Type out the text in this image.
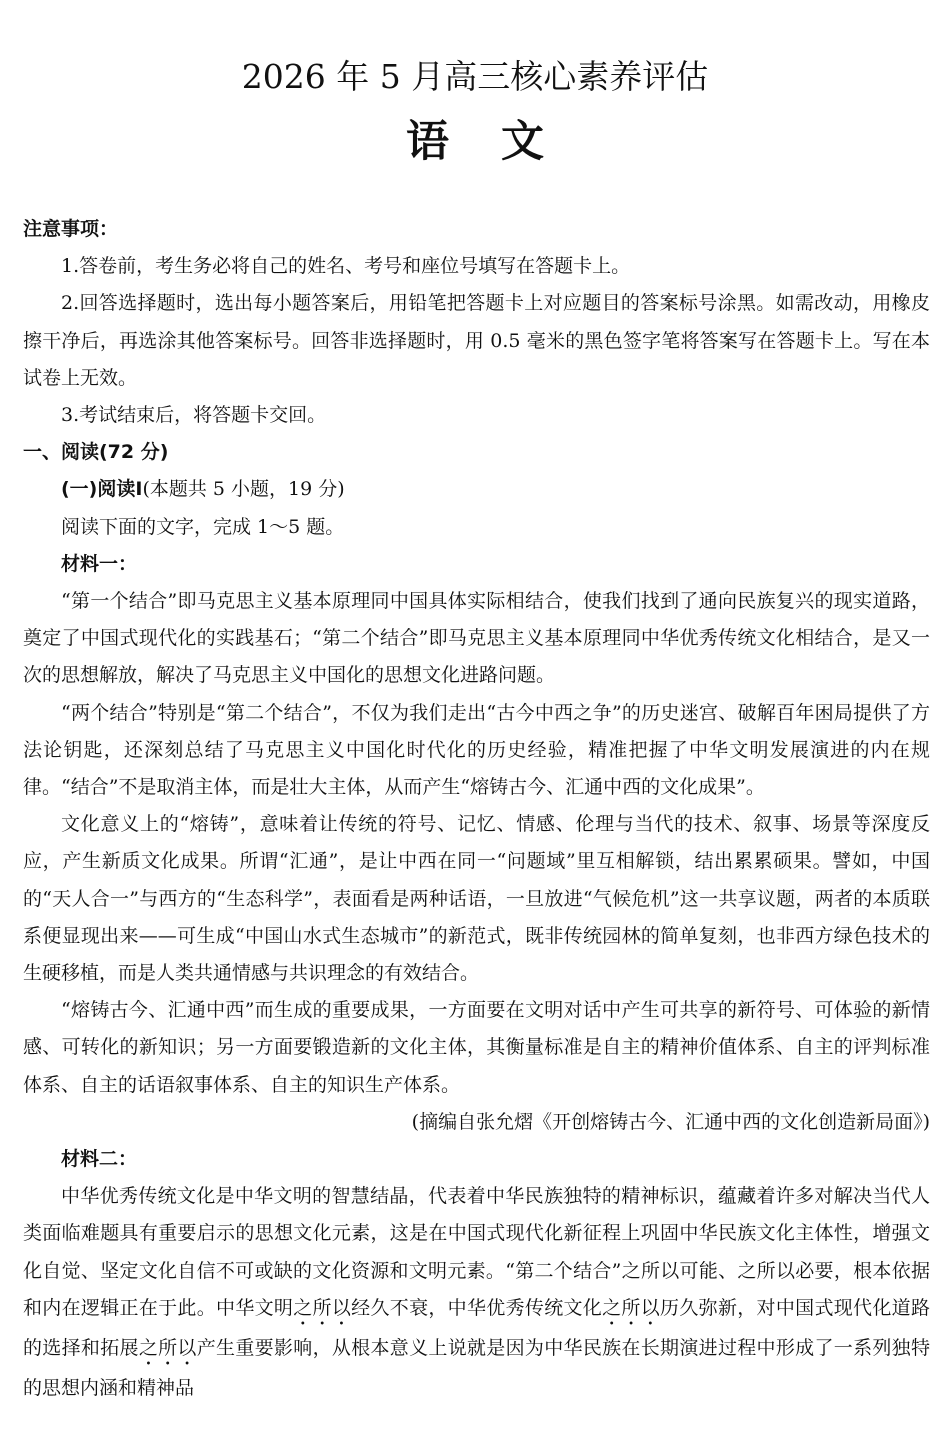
2026 年 5 月高三核心素养评估
语文

注意事项：

1.答卷前，考生务必将自己的姓名、考号和座位号填写在答题卡上。

2.回答选择题时，选出每小题答案后，用铅笔把答题卡上对应题目的答案标号涂黑。如需改动，用橡皮擦干净后，再选涂其他答案标号。回答非选择题时，用 0.5 毫米的黑色签字笔将答案写在答题卡上。写在本试卷上无效。

3.考试结束后，将答题卡交回。

一、阅读(72 分)

(一)阅读Ⅰ(本题共 5 小题，19 分)

阅读下面的文字，完成 1～5 题。

材料一：

“第一个结合”即马克思主义基本原理同中国具体实际相结合，使我们找到了通向民族复兴的现实道路，奠定了中国式现代化的实践基石；“第二个结合”即马克思主义基本原理同中华优秀传统文化相结合，是又一次的思想解放，解决了马克思主义中国化的思想文化进路问题。

“两个结合”特别是“第二个结合”，不仅为我们走出“古今中西之争”的历史迷宫、破解百年困局提供了方法论钥匙，还深刻总结了马克思主义中国化时代化的历史经验，精准把握了中华文明发展演进的内在规律。“结合”不是取消主体，而是壮大主体，从而产生“熔铸古今、汇通中西的文化成果”。

文化意义上的“熔铸”，意味着让传统的符号、记忆、情感、伦理与当代的技术、叙事、场景等深度反应，产生新质文化成果。所谓“汇通”，是让中西在同一“问题域”里互相解锁，结出累累硕果。譬如，中国的“天人合一”与西方的“生态科学”，表面看是两种话语，一旦放进“气候危机”这一共享议题，两者的本质联系便显现出来——可生成“中国山水式生态城市”的新范式，既非传统园林的简单复刻，也非西方绿色技术的生硬移植，而是人类共通情感与共识理念的有效结合。

“熔铸古今、汇通中西”而生成的重要成果，一方面要在文明对话中产生可共享的新符号、可体验的新情感、可转化的新知识；另一方面要锻造新的文化主体，其衡量标准是自主的精神价值体系、自主的评判标准体系、自主的话语叙事体系、自主的知识生产体系。

(摘编自张允熠《开创熔铸古今、汇通中西的文化创造新局面》)

材料二：

中华优秀传统文化是中华文明的智慧结晶，代表着中华民族独特的精神标识，蕴藏着许多对解决当代人类面临难题具有重要启示的思想文化元素，这是在中国式现代化新征程上巩固中华民族文化主体性，增强文化自觉、坚定文化自信不可或缺的文化资源和文明元素。“第二个结合”之所以可能、之所以必要，根本依据和内在逻辑正在于此。中华文明之所以经久不衰，中华优秀传统文化之所以历久弥新，对中国式现代化道路的选择和拓展之所以产生重要影响，从根本意义上说就是因为中华民族在长期演进过程中形成了一系列独特的思想内涵和精神品
